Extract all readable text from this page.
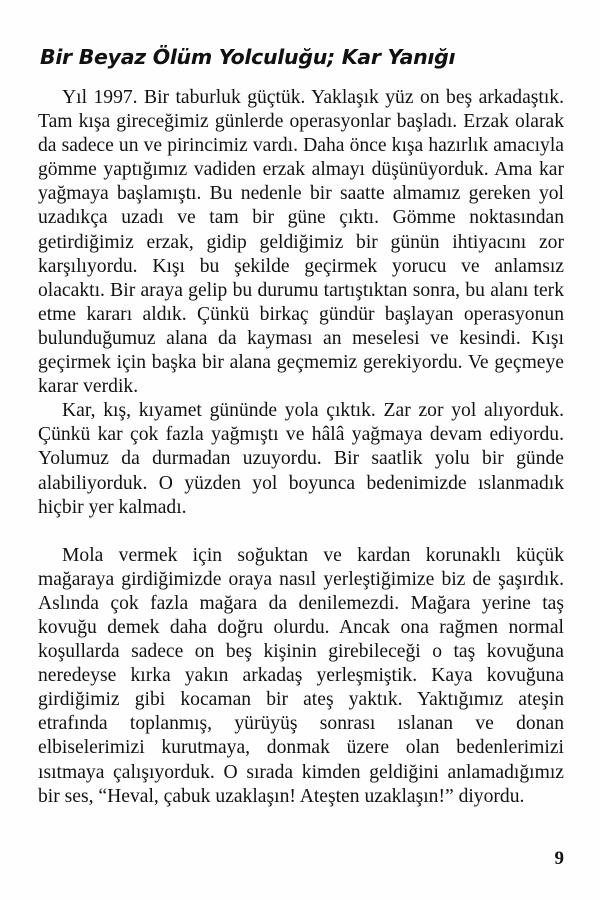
Bir Beyaz Ölüm Yolculuğu; Kar Yanığı

Yıl 1997. Bir taburluk güçtük. Yaklaşık yüz on beş arkadaştık. Tam kışa gireceğimiz günlerde operasyonlar başladı. Erzak olarak da sadece un ve pirincimiz vardı. Daha önce kışa hazırlık amacıyla gömme yaptığımız vadiden erzak almayı düşünüyorduk. Ama kar yağmaya başlamıştı. Bu nedenle bir saatte almamız gereken yol uzadıkça uzadı ve tam bir güne çıktı. Gömme noktasından getirdiğimiz erzak, gidip geldiğimiz bir günün ihtiyacını zor karşılıyordu. Kışı bu şekilde geçirmek yorucu ve anlamsız olacaktı. Bir araya gelip bu durumu tartıştıktan sonra, bu alanı terk etme kararı aldık. Çünkü birkaç gündür başlayan operasyonun bulunduğumuz alana da kayması an meselesi ve kesindi. Kışı geçirmek için başka bir alana geçmemiz gerekiyordu. Ve geçmeye karar verdik.

Kar, kış, kıyamet gününde yola çıktık. Zar zor yol alıyorduk. Çünkü kar çok fazla yağmıştı ve hâlâ yağmaya devam ediyordu. Yolumuz da durmadan uzuyordu. Bir saatlik yolu bir günde alabiliyorduk. O yüzden yol boyunca bedenimizde ıslanmadık hiçbir yer kalmadı.

Mola vermek için soğuktan ve kardan korunaklı küçük mağaraya girdiğimizde oraya nasıl yerleştiğimize biz de şaşırdık. Aslında çok fazla mağara da denilemezdi. Mağara yerine taş kovuğu demek daha doğru olurdu. Ancak ona rağmen normal koşullarda sadece on beş kişinin girebileceği o taş kovuğuna neredeyse kırka yakın arkadaş yerleşmiştik. Kaya kovuğuna girdiğimiz gibi kocaman bir ateş yaktık. Yaktığımız ateşin etrafında toplanmış, yürüyüş sonrası ıslanan ve donan elbiselerimizi kurutmaya, donmak üzere olan bedenlerimizi ısıtmaya çalışıyorduk. O sırada kimden geldiğini anlamadığımız bir ses, “Heval, çabuk uzaklaşın! Ateşten uzaklaşın!” diyordu.

9
